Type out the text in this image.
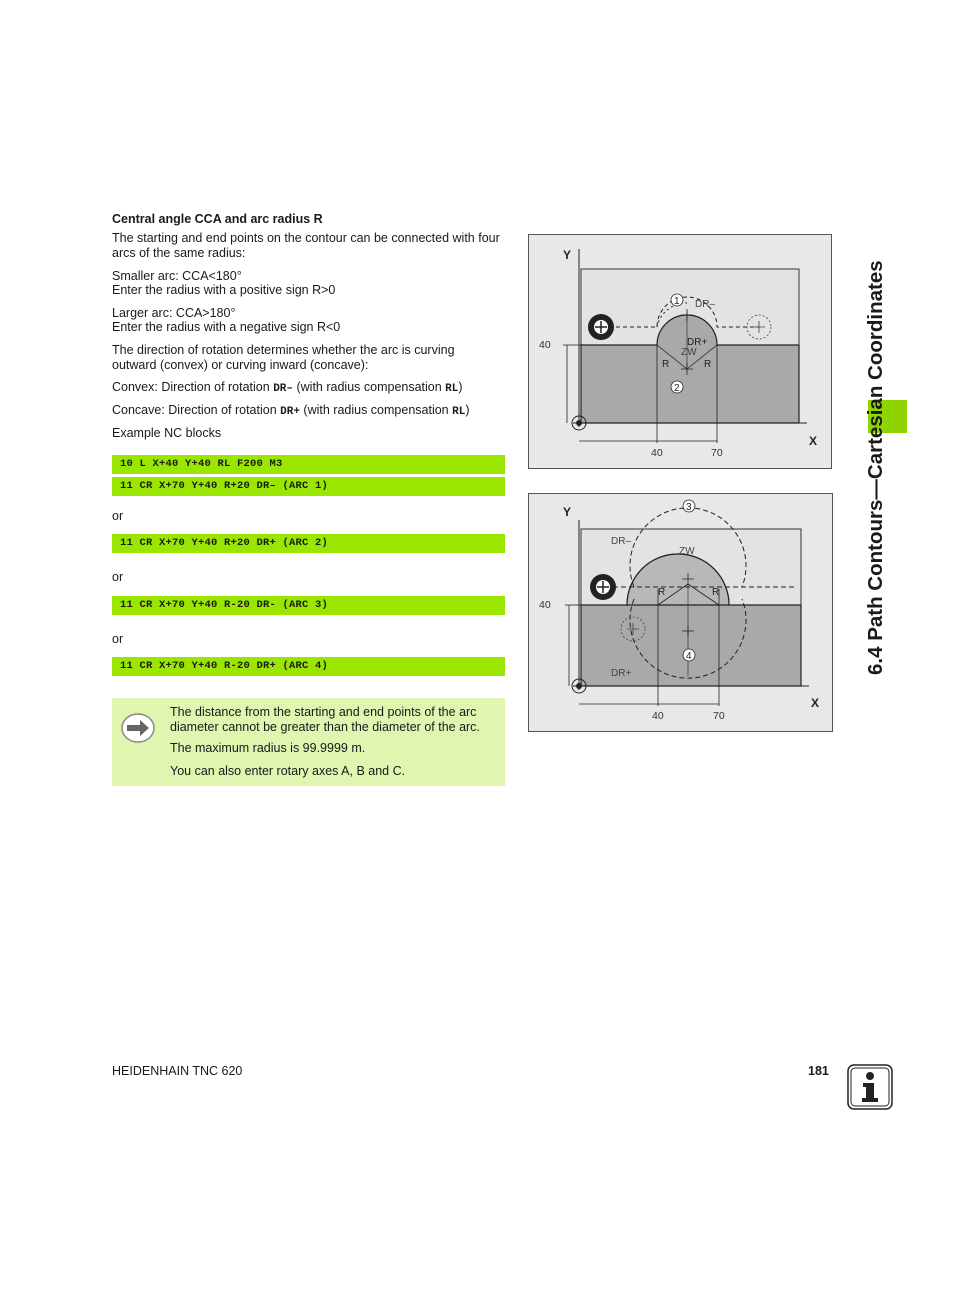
6.4 Path Contours—Cartesian Coordinates
Central angle CCA and arc radius R
The starting and end points on the contour can be connected with four arcs of the same radius:
Smaller arc: CCA<180°
Enter the radius with a positive sign R>0
Larger arc: CCA>180°
Enter the radius with a negative sign R<0
The direction of rotation determines whether the arc is curving outward (convex) or curving inward (concave):
Convex: Direction of rotation DR– (with radius compensation RL)
Concave: Direction of rotation DR+ (with radius compensation RL)
Example NC blocks
10 L X+40 Y+40 RL F200 M3
11 CR X+70 Y+40 R+20 DR– (ARC 1)
or
11 CR X+70 Y+40 R+20 DR+ (ARC 2)
or
11 CR X+70 Y+40 R-20 DR- (ARC 3)
or
11 CR X+70 Y+40 R-20 DR+ (ARC 4)
The distance from the starting and end points of the arc diameter cannot be greater than the diameter of the arc.
The maximum radius is 99.9999 m.
You can also enter rotary axes A, B and C.
Y
X
40
40	70
1
2
DR–
DR+
ZW
R	R
Y
X
40
40	70
3
4
DR–
DR+
ZW
R	R
HEIDENHAIN TNC 620	181
